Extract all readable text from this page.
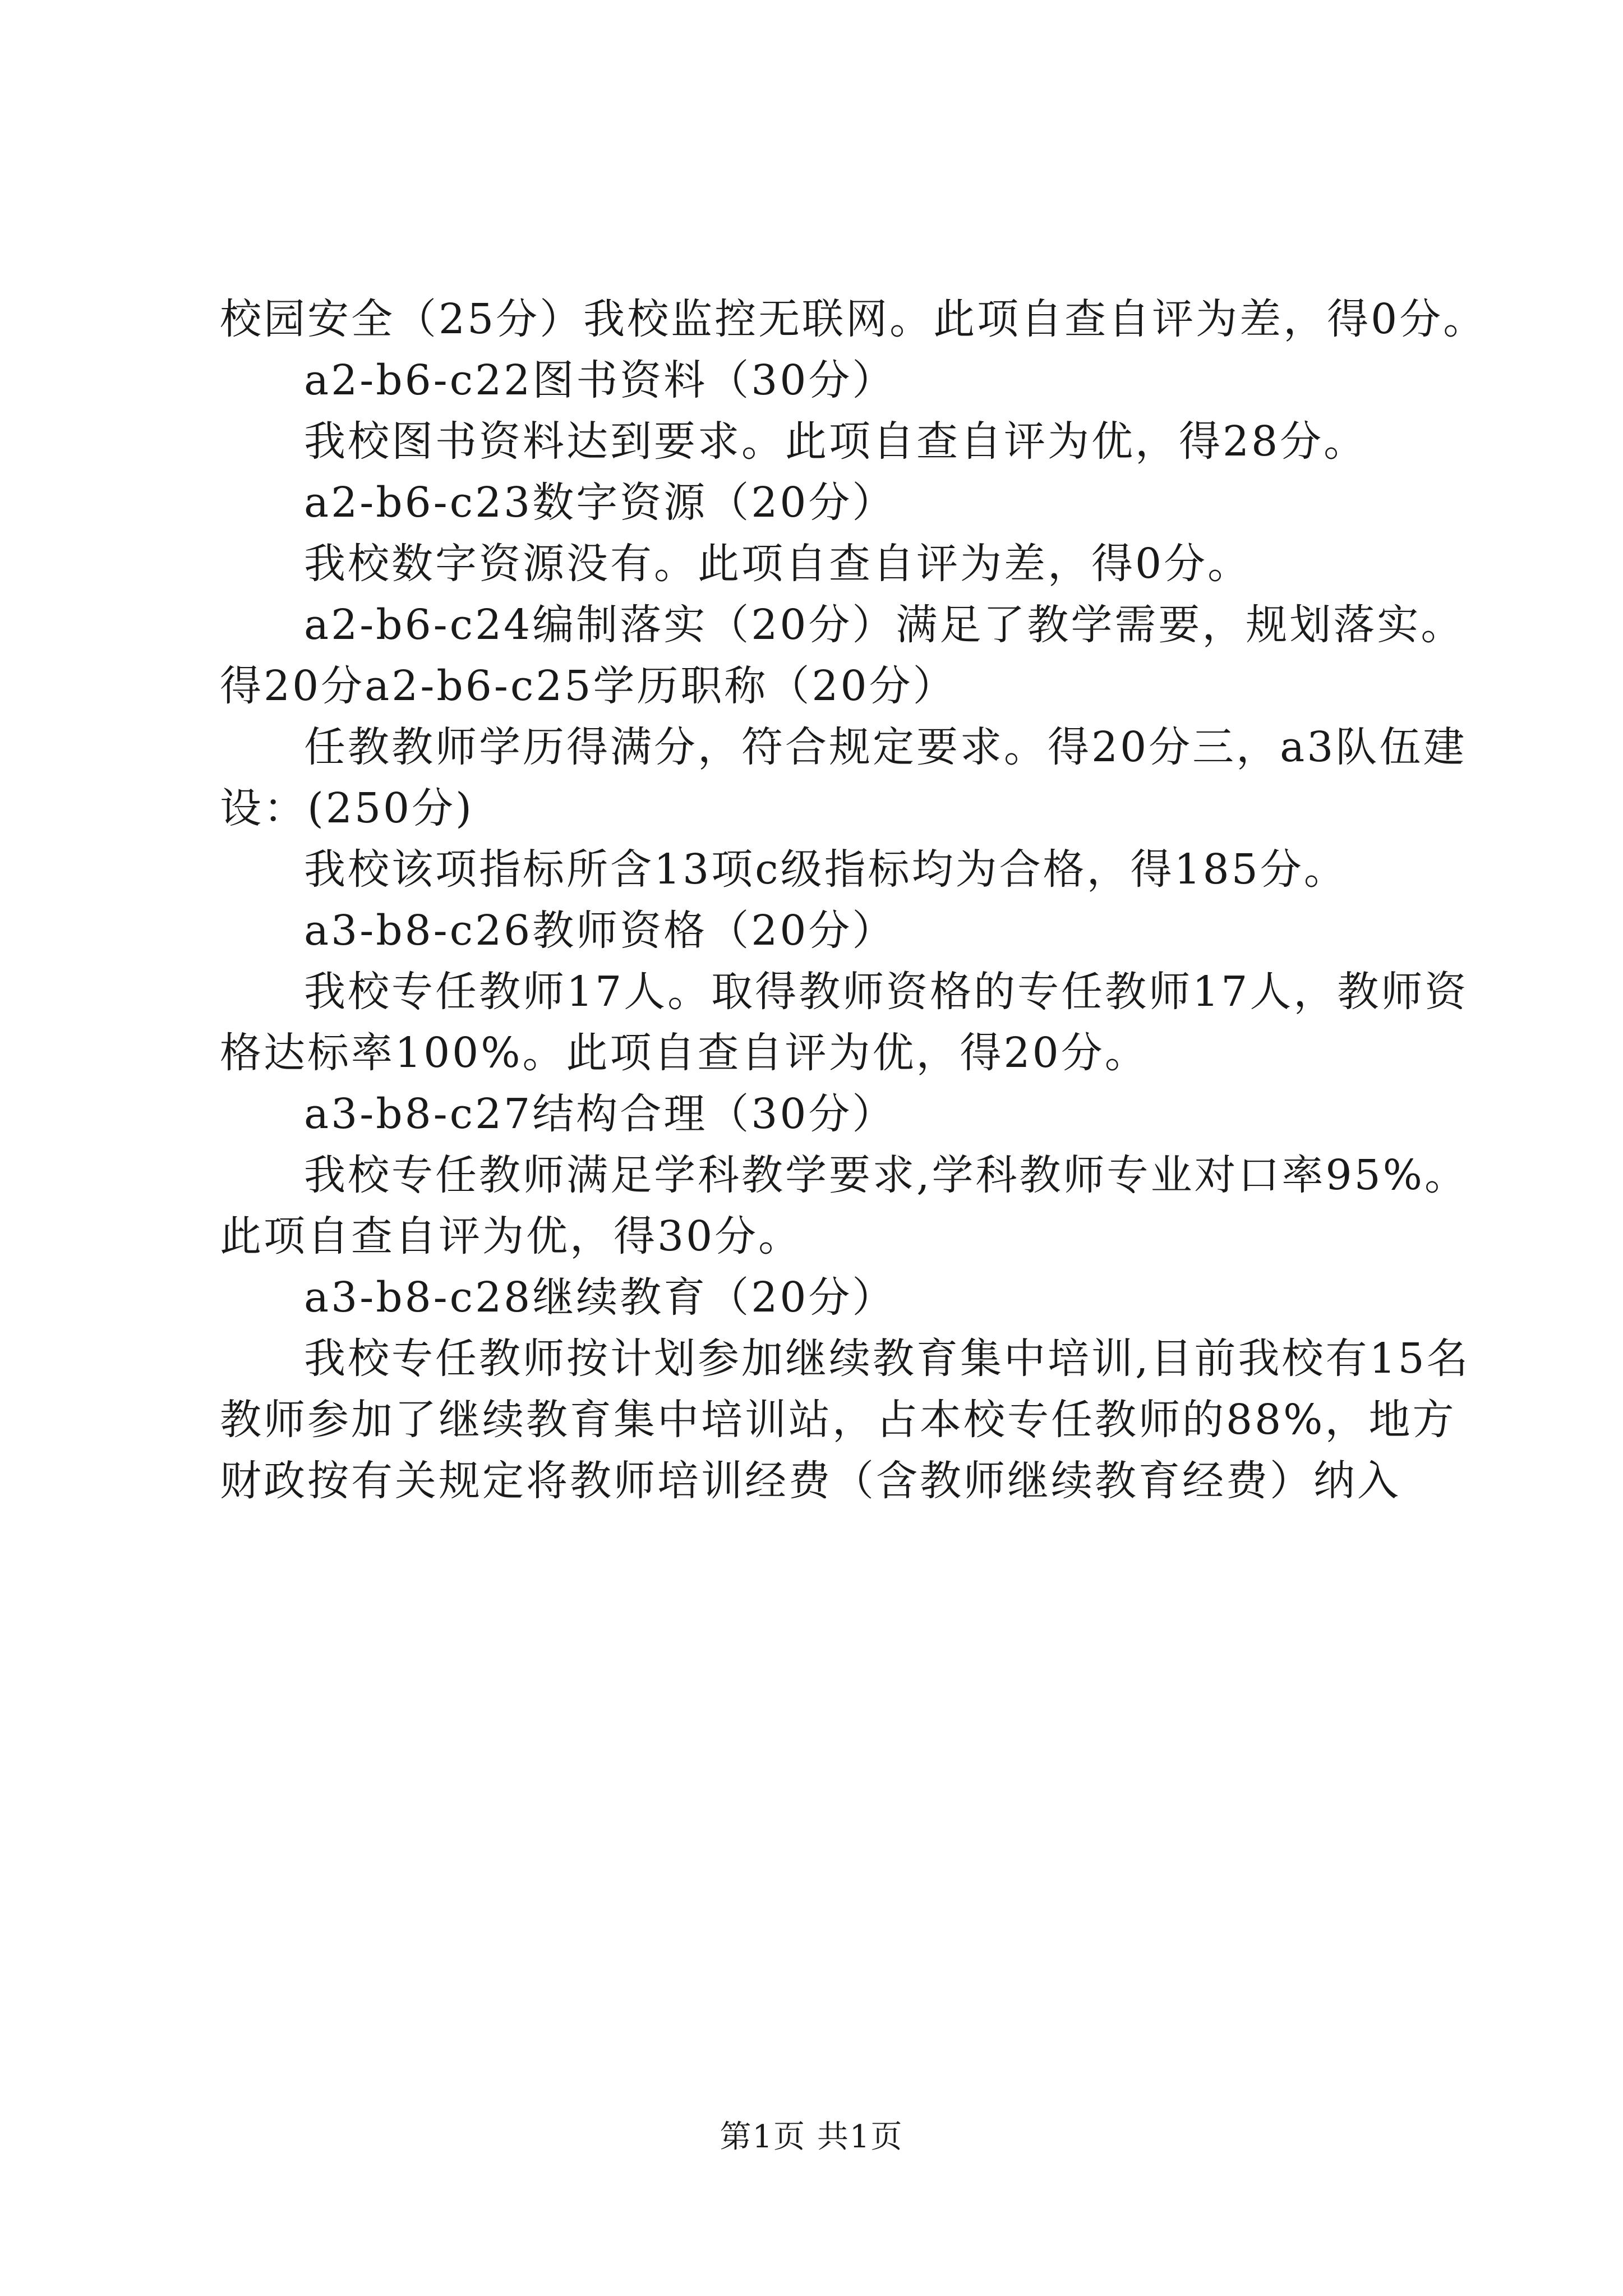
校园安全（25分）我校监控无联网。此项自查自评为差，得0分。

a2-b6-c22图书资料（30分）

我校图书资料达到要求。此项自查自评为优，得28分。

a2-b6-c23数字资源（20分）

我校数字资源没有。此项自查自评为差，得0分。

a2-b6-c24编制落实（20分）满足了教学需要，规划落实。得20分a2-b6-c25学历职称（20分）

任教教师学历得满分，符合规定要求。得20分三，a3队伍建设：(250分)

我校该项指标所含13项c级指标均为合格，得185分。

a3-b8-c26教师资格（20分）

我校专任教师17人。取得教师资格的专任教师17人，教师资格达标率100%。此项自查自评为优，得20分。

a3-b8-c27结构合理（30分）

我校专任教师满足学科教学要求,学科教师专业对口率95%。此项自查自评为优，得30分。

a3-b8-c28继续教育（20分）

我校专任教师按计划参加继续教育集中培训,目前我校有15名教师参加了继续教育集中培训站，占本校专任教师的88%，地方财政按有关规定将教师培训经费（含教师继续教育经费）纳入

第1页 共1页
